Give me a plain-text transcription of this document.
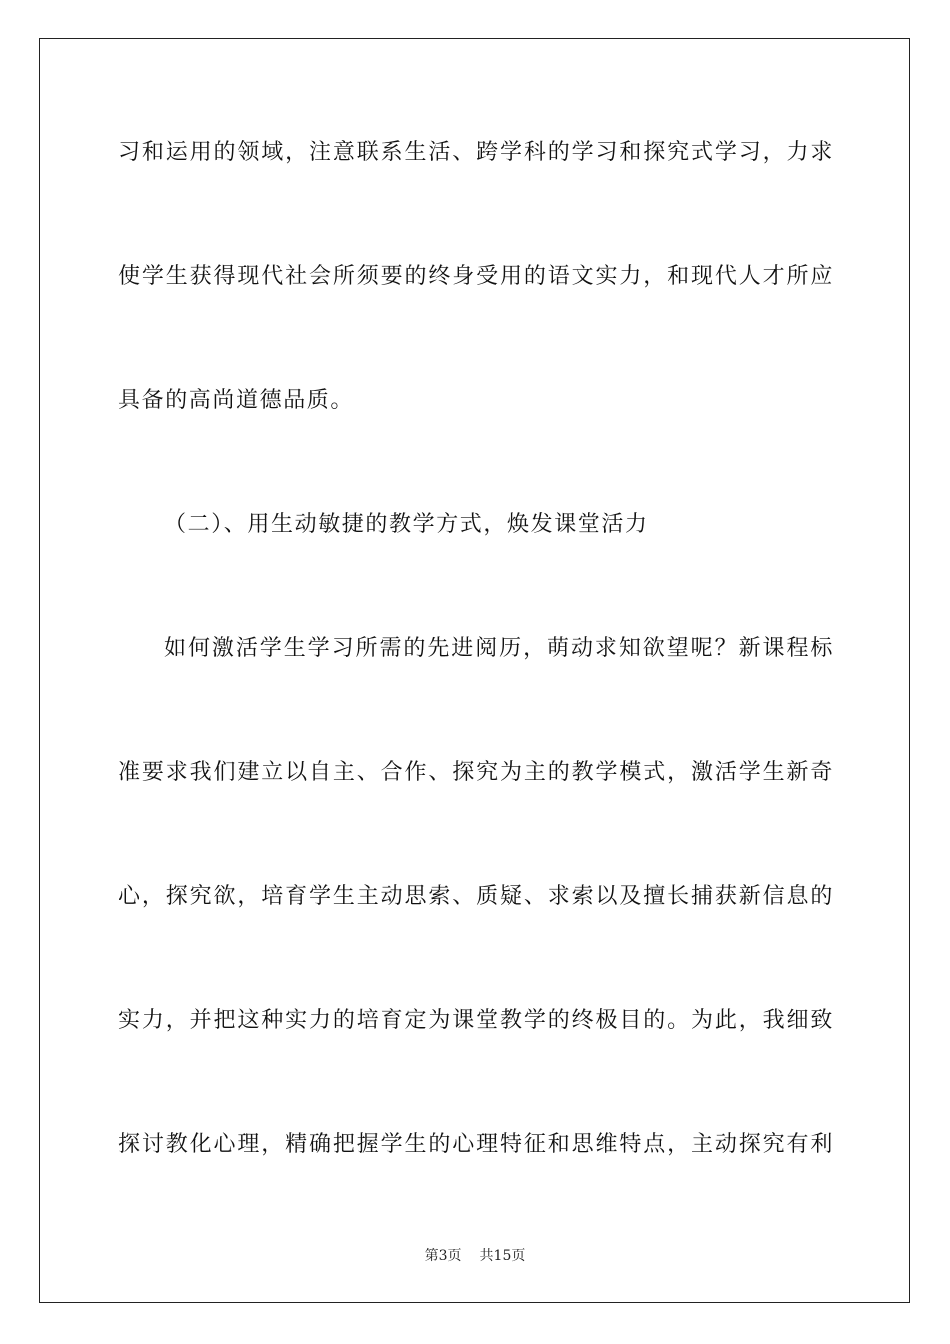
习和运用的领域，注意联系生活、跨学科的学习和探究式学习，力求
使学生获得现代社会所须要的终身受用的语文实力，和现代人才所应
具备的高尚道德品质。
（二）、用生动敏捷的教学方式，焕发课堂活力
如何激活学生学习所需的先进阅历，萌动求知欲望呢？新课程标
准要求我们建立以自主、合作、探究为主的教学模式，激活学生新奇
心，探究欲，培育学生主动思索、质疑、求索以及擅长捕获新信息的
实力，并把这种实力的培育定为课堂教学的终极目的。为此，我细致
探讨教化心理，精确把握学生的心理特征和思维特点，主动探究有利
第3页 共15页
